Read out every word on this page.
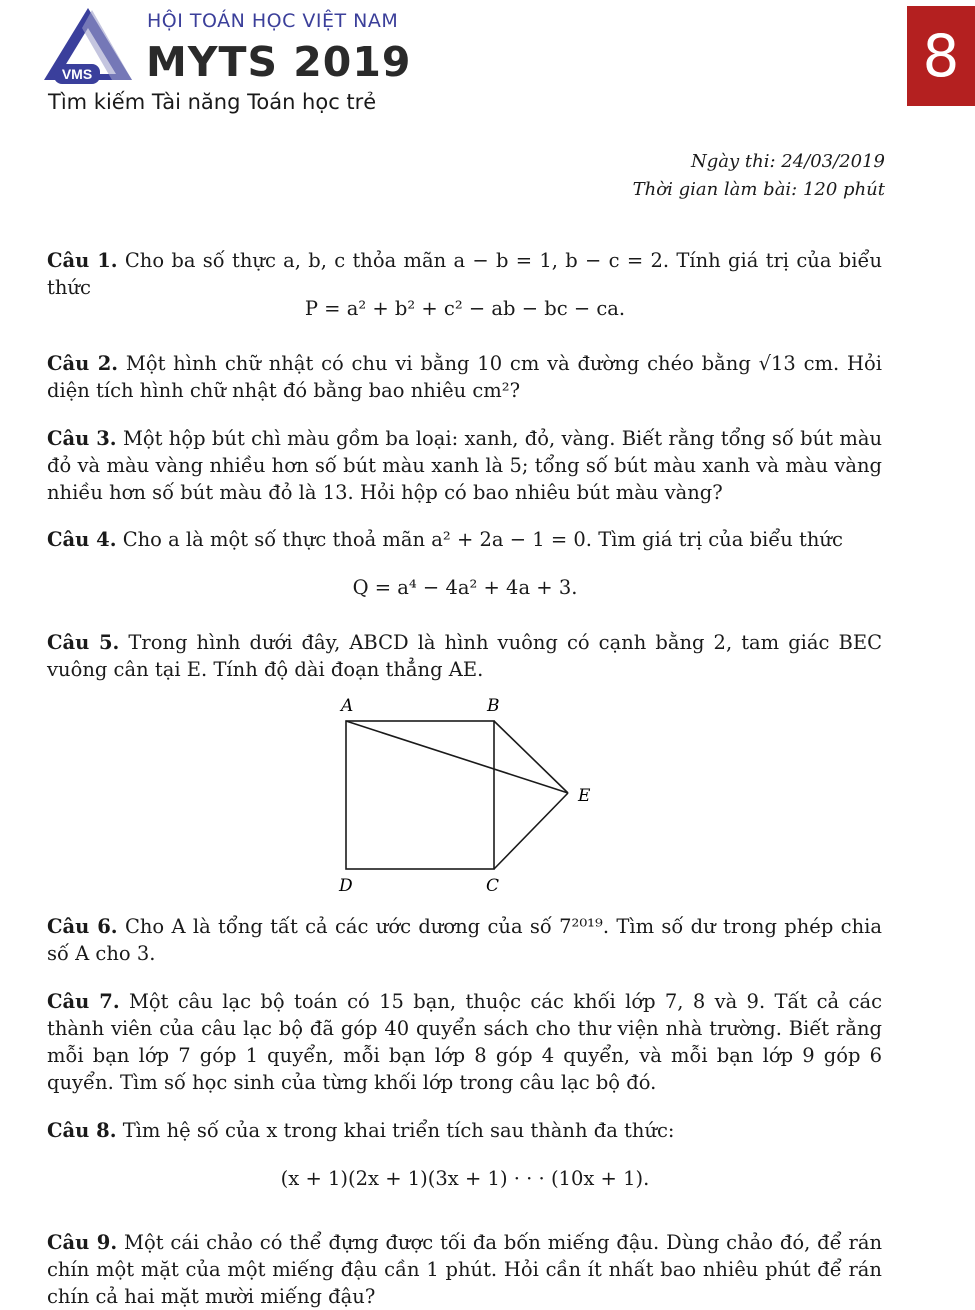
VMS
HỘI TOÁN HỌC VIỆT NAM
MYTS 2019
Tìm kiếm Tài năng Toán học trẻ
8
Ngày thi: 24/03/2019
Thời gian làm bài: 120 phút
Câu 1. Cho ba số thực a, b, c thỏa mãn a − b = 1, b − c = 2. Tính giá trị của biểu thức
P = a² + b² + c² − ab − bc − ca.
Câu 2. Một hình chữ nhật có chu vi bằng 10 cm và đường chéo bằng √13 cm. Hỏi diện tích hình chữ nhật đó bằng bao nhiêu cm²?
Câu 3. Một hộp bút chì màu gồm ba loại: xanh, đỏ, vàng. Biết rằng tổng số bút màu đỏ và màu vàng nhiều hơn số bút màu xanh là 5; tổng số bút màu xanh và màu vàng nhiều hơn số bút màu đỏ là 13. Hỏi hộp có bao nhiêu bút màu vàng?
Câu 4. Cho a là một số thực thoả mãn a² + 2a − 1 = 0. Tìm giá trị của biểu thức
Q = a⁴ − 4a² + 4a + 3.
Câu 5. Trong hình dưới đây, ABCD là hình vuông có cạnh bằng 2, tam giác BEC vuông cân tại E. Tính độ dài đoạn thẳng AE.
A	B
E
D	C
Câu 6. Cho A là tổng tất cả các ước dương của số 7²⁰¹⁹. Tìm số dư trong phép chia số A cho 3.
Câu 7. Một câu lạc bộ toán có 15 bạn, thuộc các khối lớp 7, 8 và 9. Tất cả các thành viên của câu lạc bộ đã góp 40 quyển sách cho thư viện nhà trường. Biết rằng mỗi bạn lớp 7 góp 1 quyển, mỗi bạn lớp 8 góp 4 quyển, và mỗi bạn lớp 9 góp 6 quyển. Tìm số học sinh của từng khối lớp trong câu lạc bộ đó.
Câu 8. Tìm hệ số của x trong khai triển tích sau thành đa thức:
(x + 1)(2x + 1)(3x + 1) · · · (10x + 1).
Câu 9. Một cái chảo có thể đựng được tối đa bốn miếng đậu. Dùng chảo đó, để rán chín một mặt của một miếng đậu cần 1 phút. Hỏi cần ít nhất bao nhiêu phút để rán chín cả hai mặt mười miếng đậu?
